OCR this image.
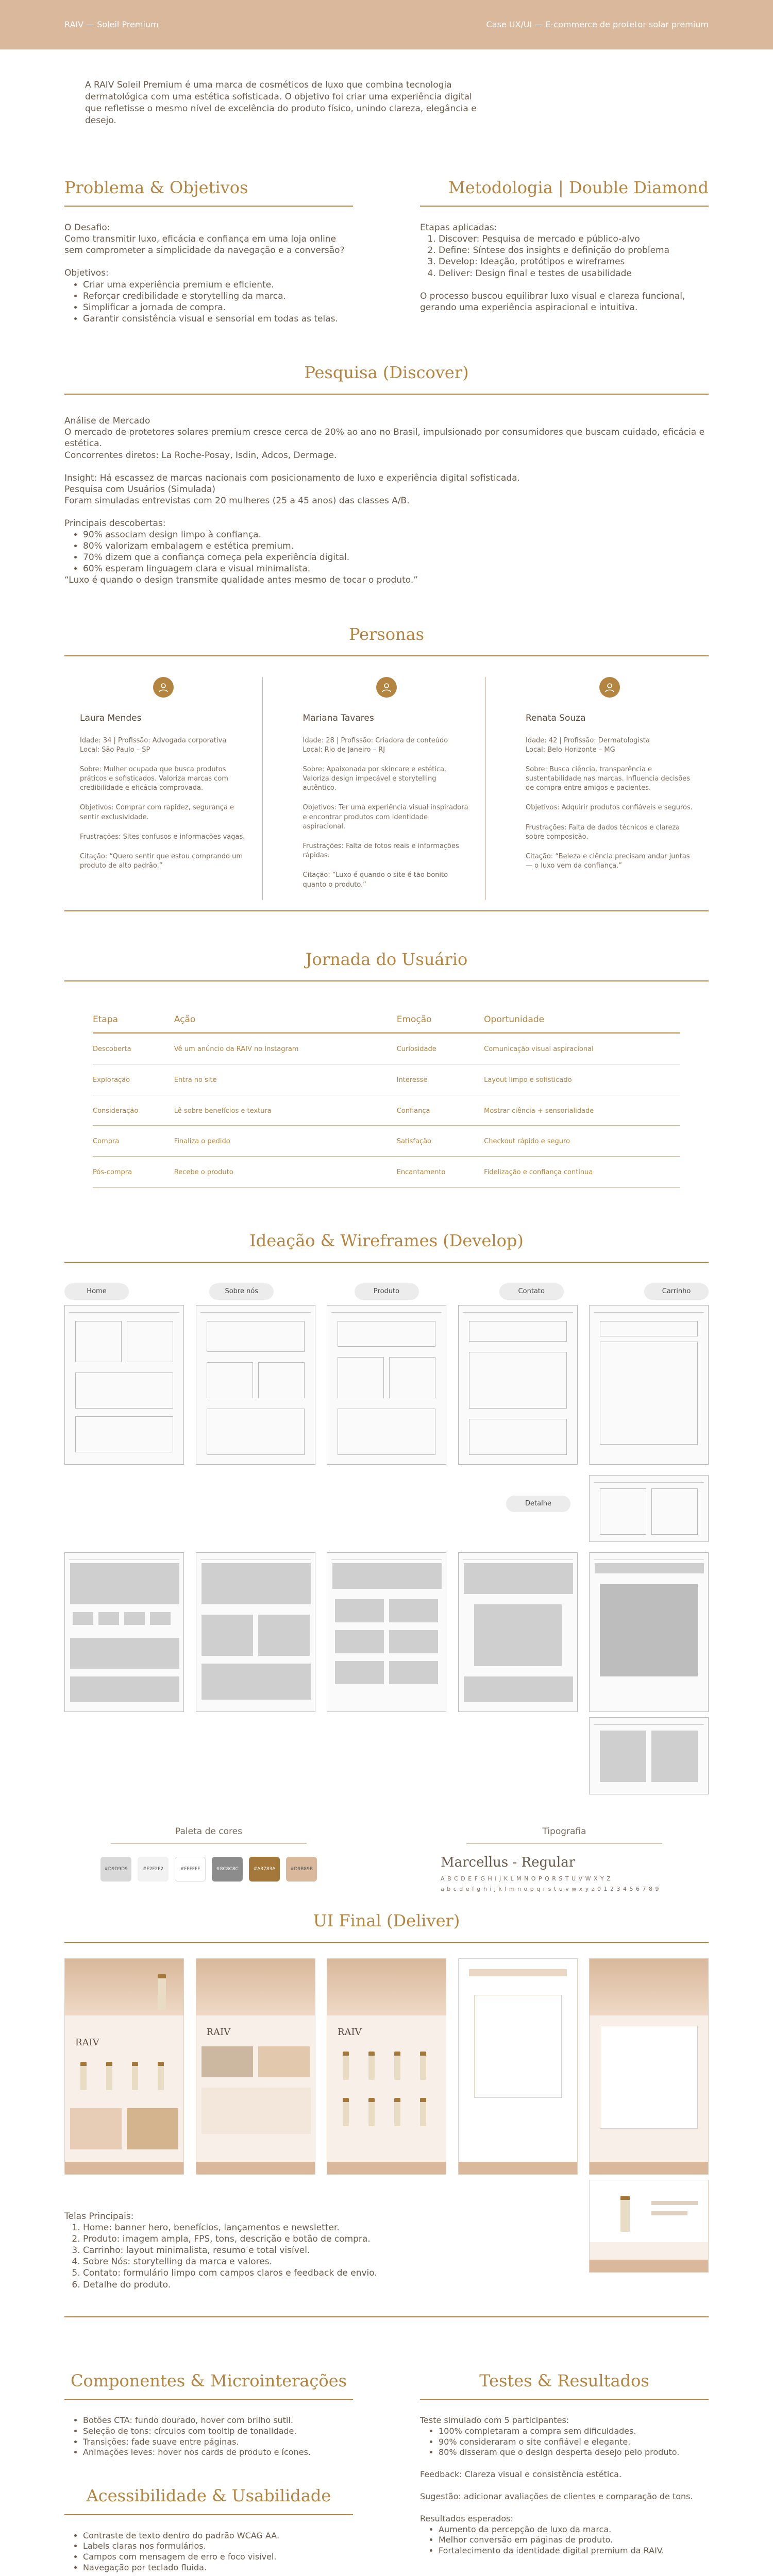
RAIV — Soleil Premium	Case UX/UI — E-commerce de protetor solar premium

A RAIV Soleil Premium é uma marca de cosméticos de luxo que combina tecnologia dermatológica com uma estética sofisticada. O objetivo foi criar uma experiência digital que refletisse o mesmo nível de excelência do produto físico, unindo clareza, elegância e desejo.

Problema & Objetivos
O Desafio:
Como transmitir luxo, eficácia e confiança em uma loja online sem comprometer a simplicidade da navegação e a conversão?
Objetivos:
• Criar uma experiência premium e eficiente.
• Reforçar credibilidade e storytelling da marca.
• Simplificar a jornada de compra.
• Garantir consistência visual e sensorial em todas as telas.
Metodologia | Double Diamond
Etapas aplicadas:
1. Discover: Pesquisa de mercado e público-alvo
2. Define: Síntese dos insights e definição do problema
3. Develop: Ideação, protótipos e wireframes
4. Deliver: Design final e testes de usabilidade
O processo buscou equilibrar luxo visual e clareza funcional, gerando uma experiência aspiracional e intuitiva.
Pesquisa (Discover)
Análise de Mercado
O mercado de protetores solares premium cresce cerca de 20% ao ano no Brasil, impulsionado por consumidores que buscam cuidado, eficácia e estética.
Concorrentes diretos: La Roche-Posay, Isdin, Adcos, Dermage.
Insight: Há escassez de marcas nacionais com posicionamento de luxo e experiência digital sofisticada.
Pesquisa com Usuários (Simulada)
Foram simuladas entrevistas com 20 mulheres (25 a 45 anos) das classes A/B.
Principais descobertas:
• 90% associam design limpo à confiança.
• 80% valorizam embalagem e estética premium.
• 70% dizem que a confiança começa pela experiência digital.
• 60% esperam linguagem clara e visual minimalista.
“Luxo é quando o design transmite qualidade antes mesmo de tocar o produto.”
Personas
Laura Mendes

Idade: 34 | Profissão: Advogada corporativa
Local: São Paulo – SP

Sobre: Mulher ocupada que busca produtos práticos e sofisticados. Valoriza marcas com credibilidade e eficácia comprovada.

Objetivos: Comprar com rapidez, segurança e sentir exclusividade.

Frustrações: Sites confusos e informações vagas.

Citação: “Quero sentir que estou comprando um produto de alto padrão.”

Mariana Tavares

Idade: 28 | Profissão: Criadora de conteúdo
Local: Rio de Janeiro – RJ

Sobre: Apaixonada por skincare e estética. Valoriza design impecável e storytelling autêntico.

Objetivos: Ter uma experiência visual inspiradora e encontrar produtos com identidade aspiracional.

Frustrações: Falta de fotos reais e informações rápidas.

Citação: “Luxo é quando o site é tão bonito quanto o produto.”

Renata Souza

Idade: 42 | Profissão: Dermatologista
Local: Belo Horizonte – MG

Sobre: Busca ciência, transparência e sustentabilidade nas marcas. Influencia decisões de compra entre amigos e pacientes.

Objetivos: Adquirir produtos confiáveis e seguros.

Frustrações: Falta de dados técnicos e clareza sobre composição.

Citação: “Beleza e ciência precisam andar juntas — o luxo vem da confiança.”

Jornada do Usuário
Etapa	Ação	Emoção	Oportunidade
Descoberta	Vê um anúncio da RAIV no Instagram	Curiosidade	Comunicação visual aspiracional
Exploração	Entra no site	Interesse	Layout limpo e sofisticado
Consideração	Lê sobre benefícios e textura	Confiança	Mostrar ciência + sensorialidade
Compra	Finaliza o pedido	Satisfação	Checkout rápido e seguro
Pós-compra	Recebe o produto	Encantamento	Fidelização e confiança contínua
Ideação & Wireframes (Develop)
Home	Sobre nós	Produto	Contato	Carrinho
Detalhe
Paleta de cores
#D9D9D9	#F2F2F2	#FFFFFF	#8C8C8C	#A3783A	#D9B89B
Tipografia
Marcellus - Regular
A B C D E F G H I J K L M N O P Q R S T U V W X Y Z
a b c d e f g h i j k l m n o p q r s t u v w x y z 0 1 2 3 4 5 6 7 8 9
UI Final (Deliver)
RAIV
RAIV	RAIV
Telas Principais:
1. Home: banner hero, benefícios, lançamentos e newsletter.
2. Produto: imagem ampla, FPS, tons, descrição e botão de compra.
3. Carrinho: layout minimalista, resumo e total visível.
4. Sobre Nós: storytelling da marca e valores.
5. Contato: formulário limpo com campos claros e feedback de envio.
6. Detalhe do produto.
Componentes & Microinterações
• Botões CTA: fundo dourado, hover com brilho sutil.
• Seleção de tons: círculos com tooltip de tonalidade.
• Transições: fade suave entre páginas.
• Animações leves: hover nos cards de produto e ícones.
Acessibilidade & Usabilidade
• Contraste de texto dentro do padrão WCAG AA.
• Labels claras nos formulários.
• Campos com mensagem de erro e foco visível.
• Navegação por teclado fluida.
Testes & Resultados
Teste simulado com 5 participantes:
• 100% completaram a compra sem dificuldades.
• 90% consideraram o site confiável e elegante.
• 80% disseram que o design desperta desejo pelo produto.
Feedback: Clareza visual e consistência estética.
Sugestão: adicionar avaliações de clientes e comparação de tons.
Resultados esperados:
• Aumento da percepção de luxo da marca.
• Melhor conversão em páginas de produto.
• Fortalecimento da identidade digital premium da RAIV.
